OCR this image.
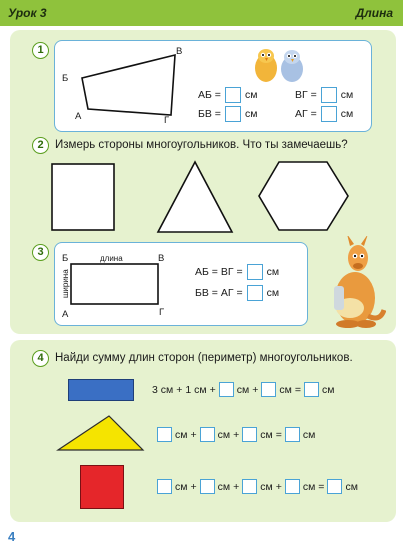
Урок 3	Длина
1
Б
В
А	Г
АБ = см	ВГ = см
БВ = см	АГ = см
2 Измерь стороны многоугольников. Что ты замечаешь?
3
Б	В
А	Г
длина
ширина	АБ = ВГ = см
БВ = АГ = см
4 Найди сумму длин сторон (периметр) многоугольников.
3 см + 1 см + см + см = см
см + см + см = см
см + см + см + см = см
4
